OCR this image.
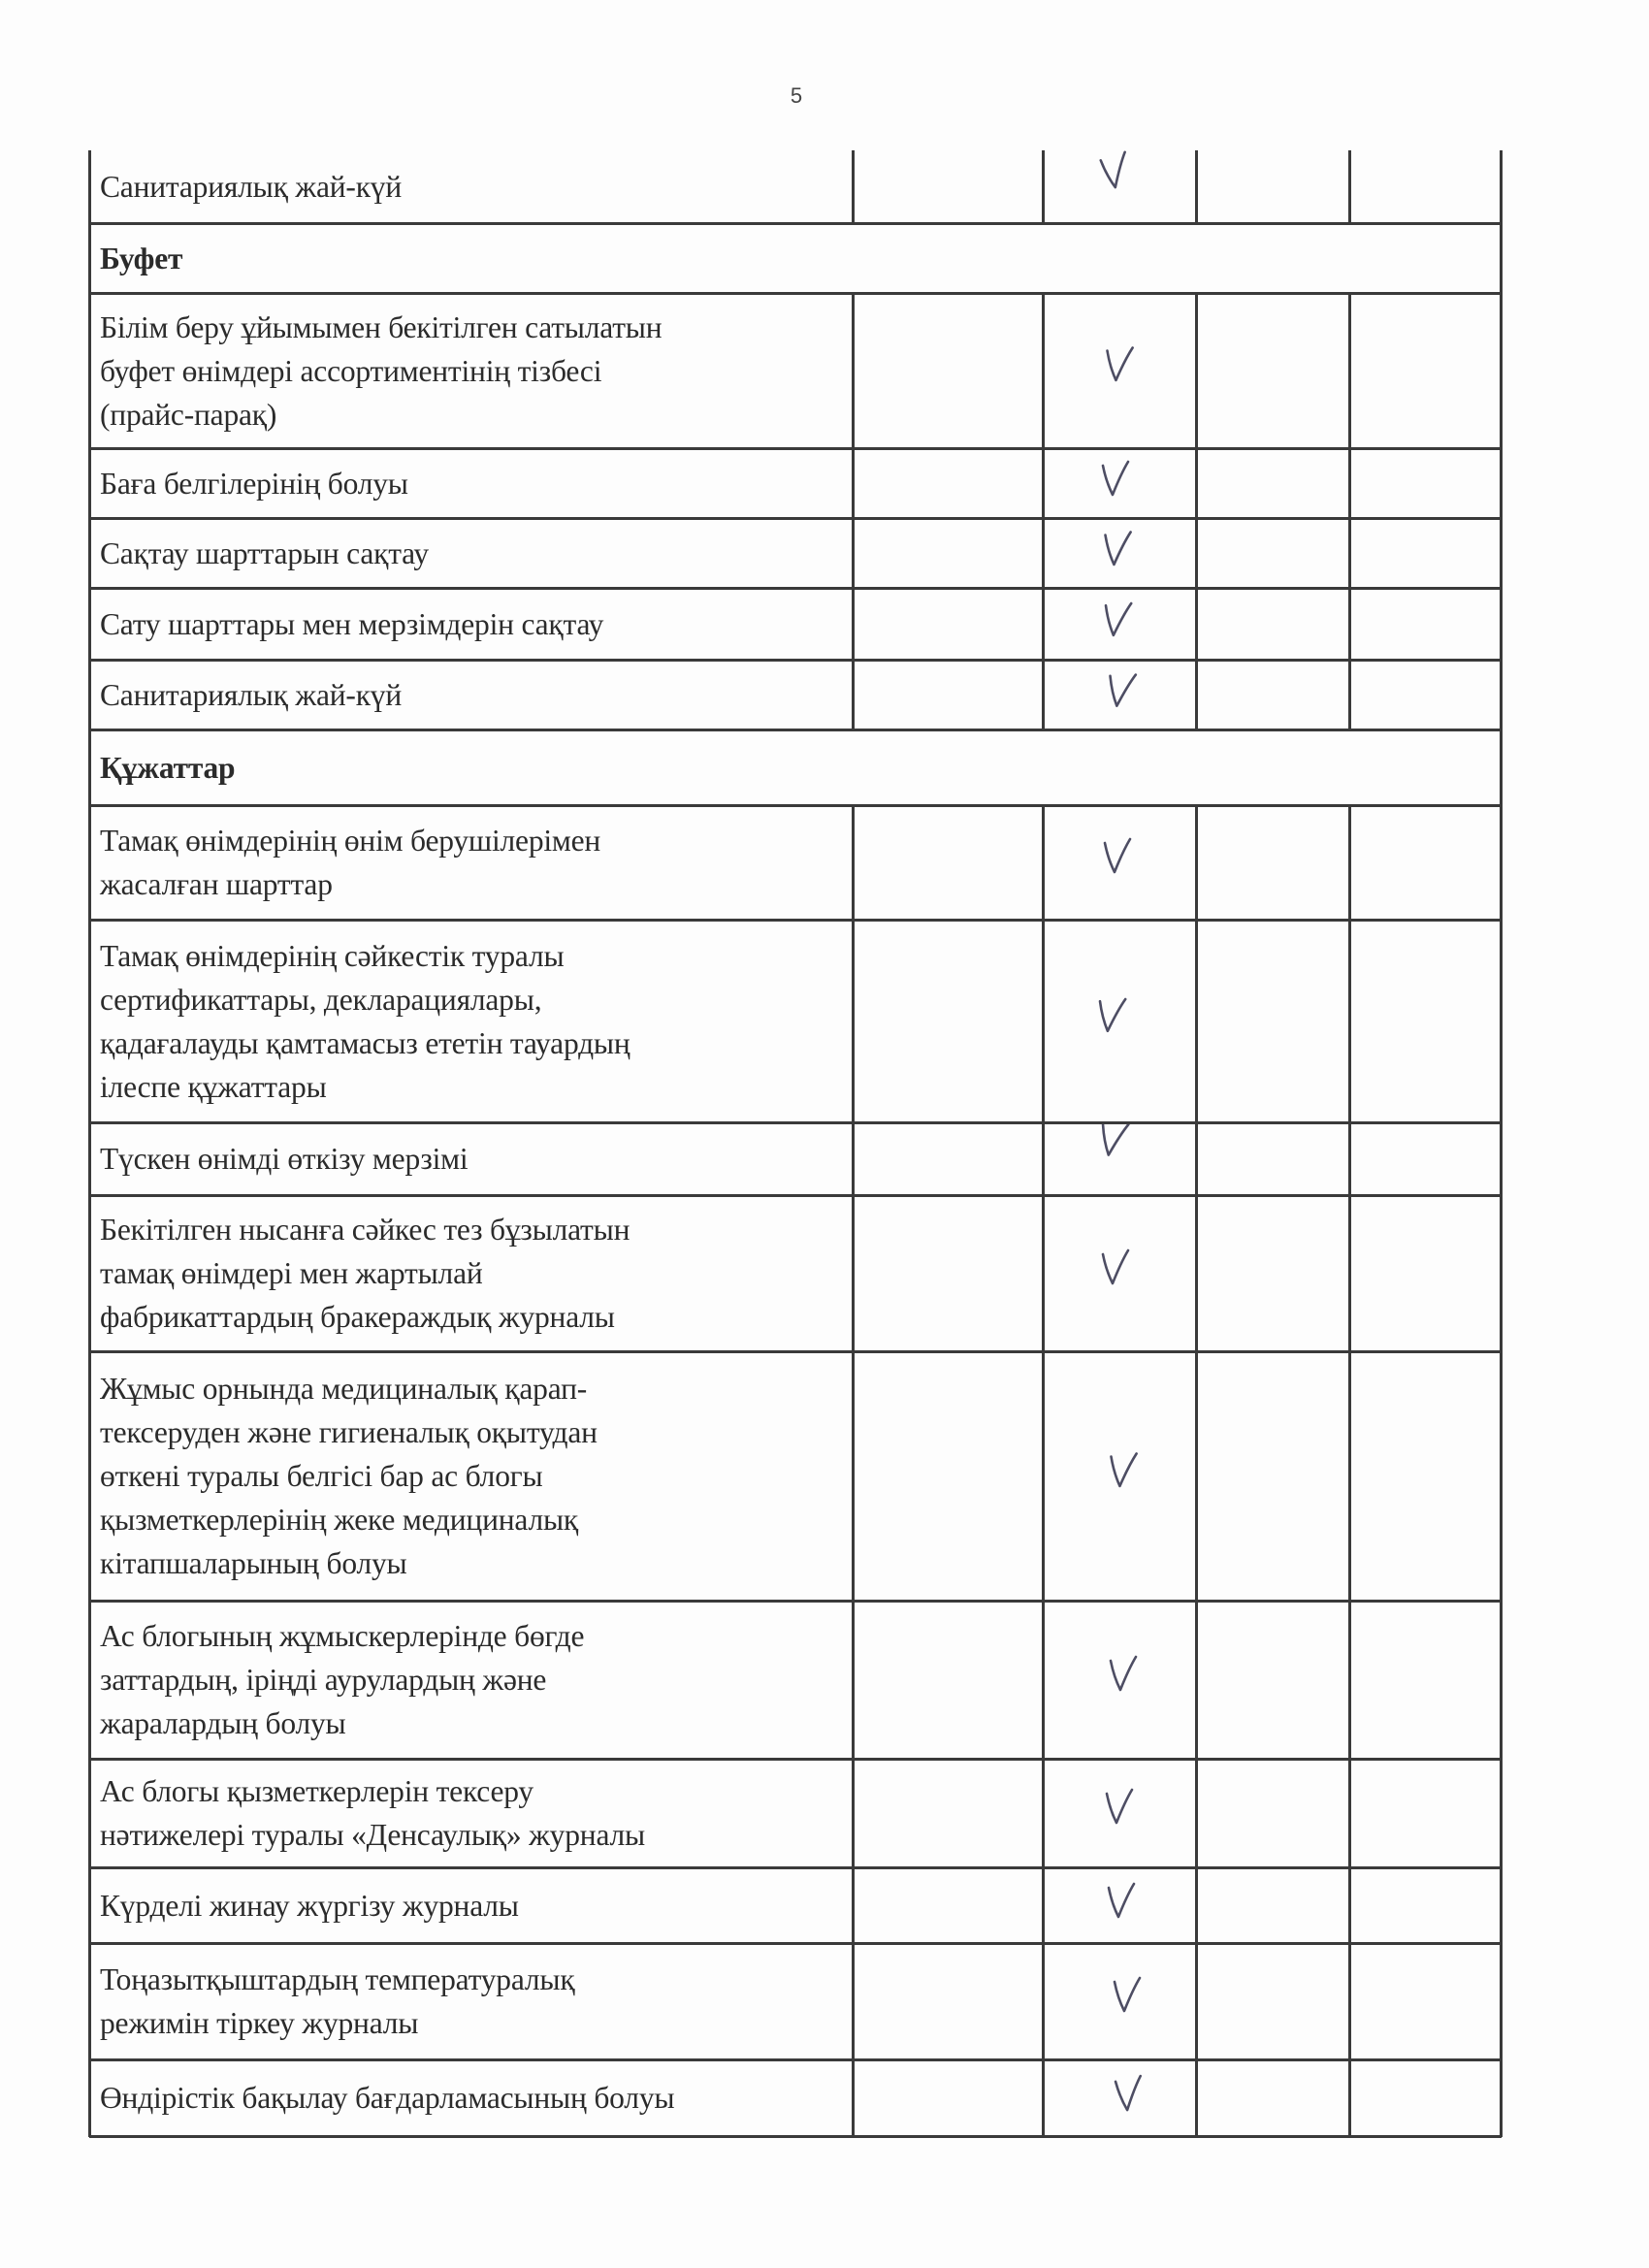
5
Санитариялық жай-күй
Буфет
Білім беру ұйымымен бекітілген сатылатын
буфет өнімдері ассортиментінің тізбесі
(прайс-парақ)
Баға белгілерінің болуы
Сақтау шарттарын сақтау
Сату шарттары мен мерзімдерін сақтау
Санитариялық жай-күй
Құжаттар
Тамақ өнімдерінің өнім берушілерімен
жасалған шарттар
Тамақ өнімдерінің сәйкестік туралы
сертификаттары, декларациялары,
қадағалауды қамтамасыз ететін тауардың
ілеспе құжаттары
Түскен өнімді өткізу мерзімі
Бекітілген нысанға сәйкес тез бұзылатын
тамақ өнімдері мен жартылай
фабрикаттардың бракераждық журналы
Жұмыс орнында медициналық қарап-
тексеруден және гигиеналық оқытудан
өткені туралы белгісі бар ас блогы
қызметкерлерінің жеке медициналық
кітапшаларының болуы
Ас блогының жұмыскерлерінде бөгде
заттардың, іріңді аурулардың және
жаралардың болуы
Ас блогы қызметкерлерін тексеру
нәтижелері туралы «Денсаулық» журналы
Күрделі жинау жүргізу журналы
Тоңазытқыштардың температуралық
режимін тіркеу журналы
Өндірістік бақылау бағдарламасының болуы
